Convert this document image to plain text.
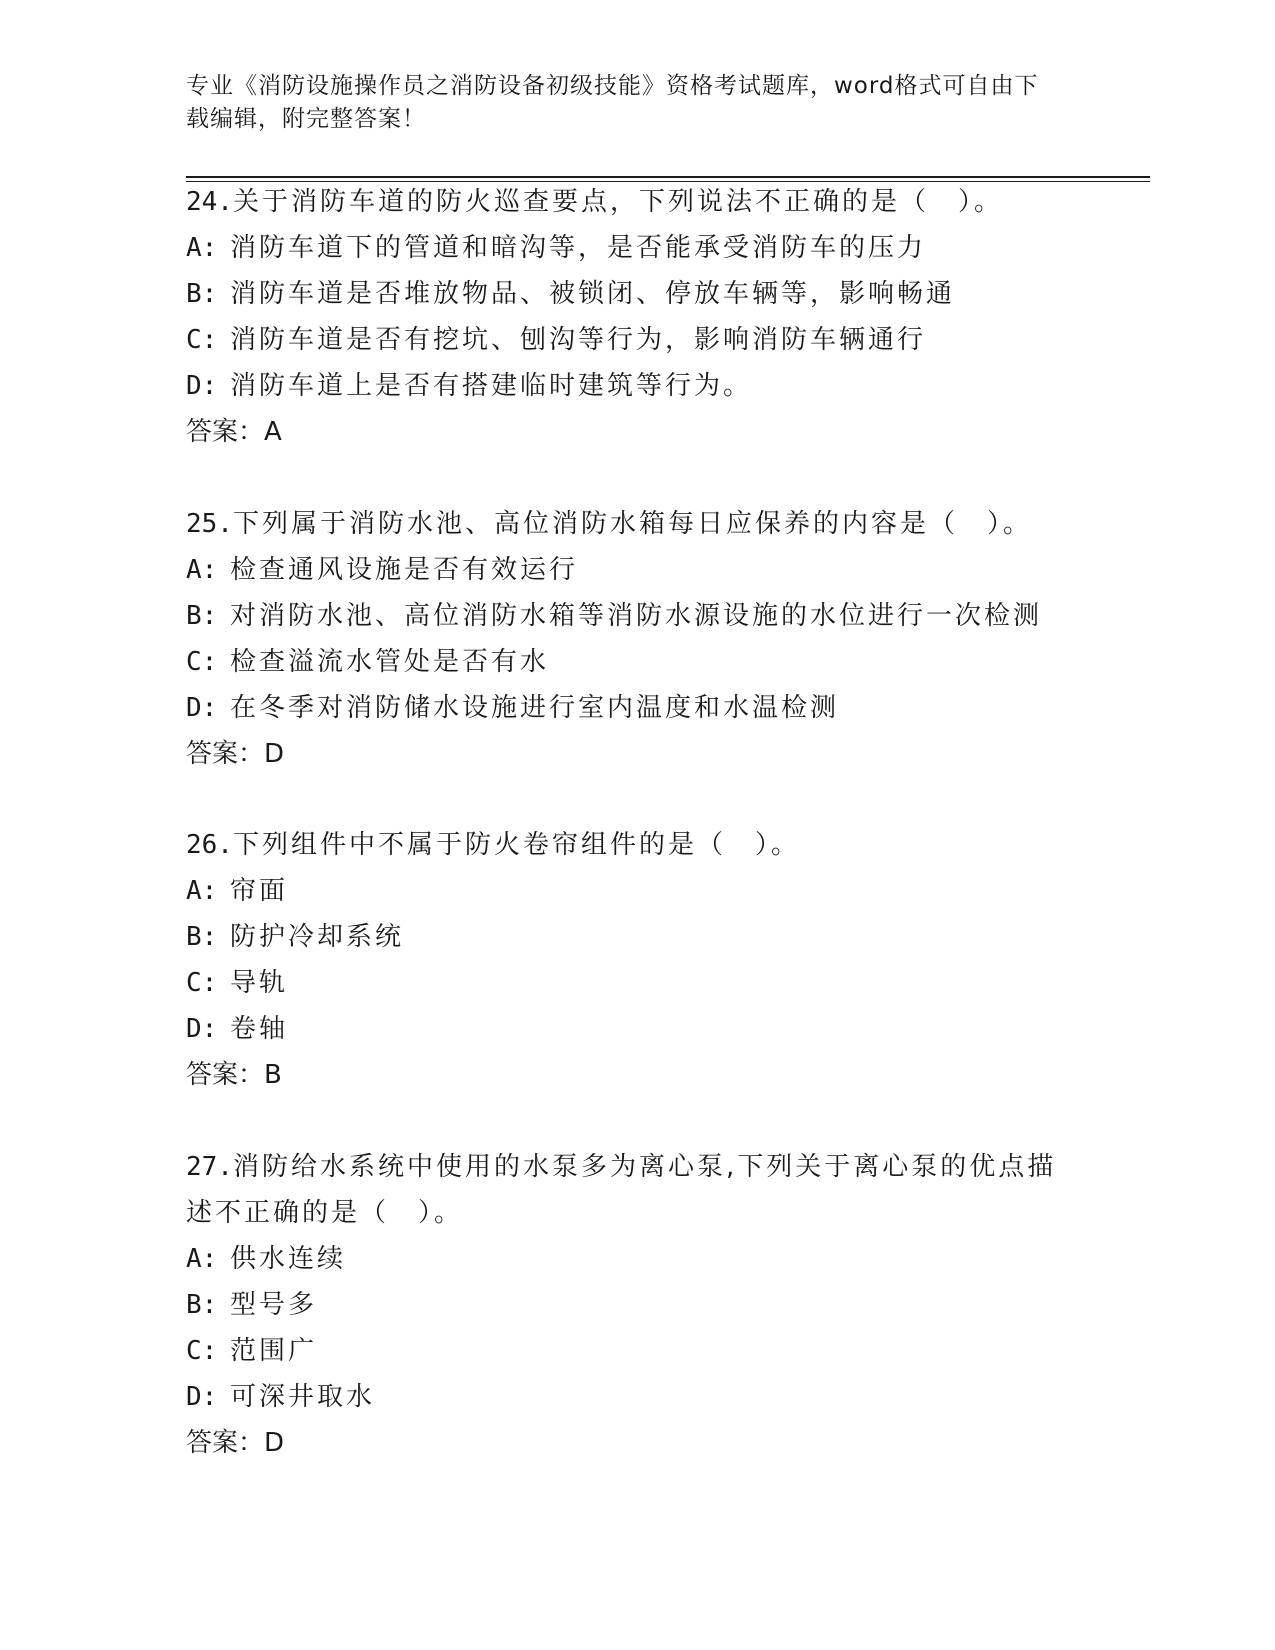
专业《消防设施操作员之消防设备初级技能》资格考试题库，word格式可自由下
载编辑，附完整答案！
24.关于消防车道的防火巡查要点，下列说法不正确的是（　）。
A: 消防车道下的管道和暗沟等，是否能承受消防车的压力
B: 消防车道是否堆放物品、被锁闭、停放车辆等，影响畅通
C: 消防车道是否有挖坑、刨沟等行为，影响消防车辆通行
D: 消防车道上是否有搭建临时建筑等行为。
答案：A
25.下列属于消防水池、高位消防水箱每日应保养的内容是（　）。
A: 检查通风设施是否有效运行
B: 对消防水池、高位消防水箱等消防水源设施的水位进行一次检测
C: 检查溢流水管处是否有水
D: 在冬季对消防储水设施进行室内温度和水温检测
答案：D
26.下列组件中不属于防火卷帘组件的是（　）。
A: 帘面
B: 防护冷却系统
C: 导轨
D: 卷轴
答案：B
27.消防给水系统中使用的水泵多为离心泵,下列关于离心泵的优点描述不正确的是（　）。
A: 供水连续
B: 型号多
C: 范围广
D: 可深井取水
答案：D
